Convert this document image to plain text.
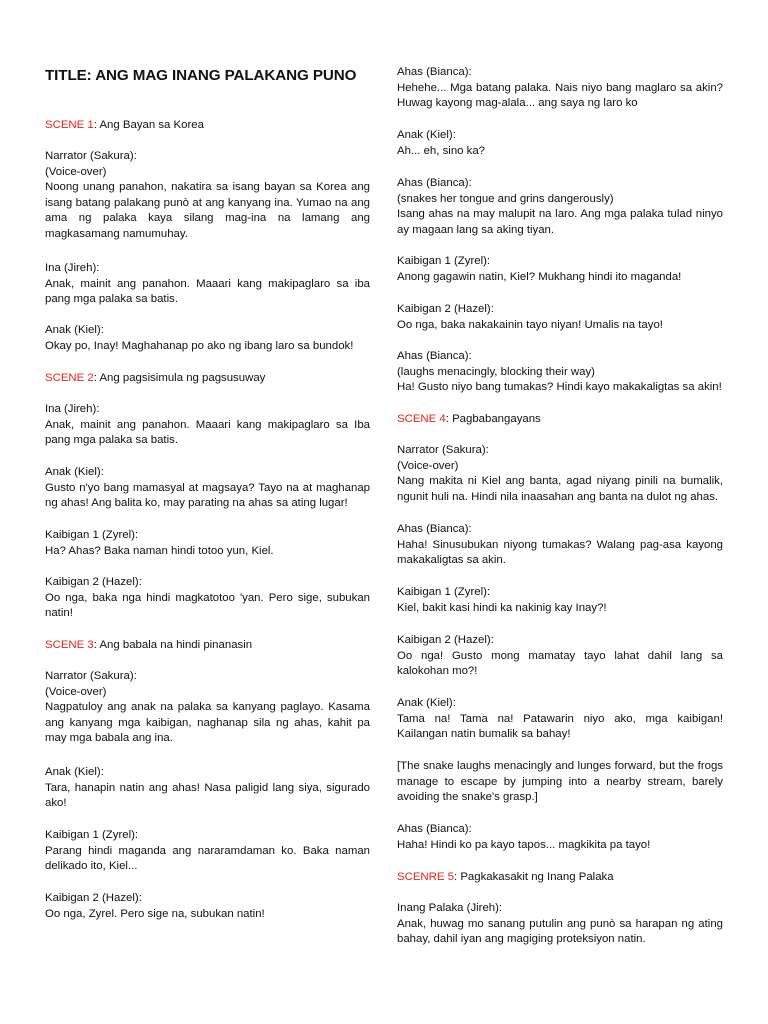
TITLE: ANG MAG INANG PALAKANG PUNO
SCENE 1: Ang Bayan sa Korea
Narrator (Sakura):
(Voice-over)
Noong unang panahon, nakatira sa isang bayan sa Korea ang isang batang palakang punò at ang kanyang ina. Yumao na ang ama ng palaka kaya silang mag-ina na lamang ang magkasamang namumuhay.
Ina (Jireh):
Anak, mainit ang panahon. Maaari kang makipaglaro sa iba pang mga palaka sa batis.
Anak (Kiel):
Okay po, Inay! Maghahanap po ako ng ibang laro sa bundok!
SCENE 2: Ang pagsisimula ng pagsusuway
Ina (Jireh):
Anak, mainit ang panahon. Maaari kang makipaglaro sa Iba pang mga palaka sa batis.
Anak (Kiel):
Gusto n'yo bang mamasyal at magsaya? Tayo na at maghanap ng ahas! Ang balita ko, may parating na ahas sa ating lugar!
Kaibigan 1 (Zyrel):
Ha? Ahas? Baka naman hindi totoo yun, Kiel.
Kaibigan 2 (Hazel):
Oo nga, baka nga hindi magkatotoo 'yan. Pero sige, subukan natin!
SCENE 3: Ang babala na hindi pinanasin
Narrator (Sakura):
(Voice-over)
Nagpatuloy ang anak na palaka sa kanyang paglayo. Kasama ang kanyang mga kaibigan, naghanap sila ng ahas, kahit pa may mga babala ang ina.
Anak (Kiel):
Tara, hanapin natin ang ahas! Nasa paligid lang siya, sigurado ako!
Kaibigan 1 (Zyrel):
Parang hindi maganda ang nararamdaman ko. Baka naman delikado ito, Kiel...
Kaibigan 2 (Hazel):
Oo nga, Zyrel. Pero sige na, subukan natin!
Ahas (Bianca):
Hehehe... Mga batang palaka. Nais niyo bang maglaro sa akin? Huwag kayong mag-alala... ang saya ng laro ko
Anak (Kiel):
Ah... eh, sino ka?
Ahas (Bianca):
(snakes her tongue and grins dangerously)
Isang ahas na may malupit na laro. Ang mga palaka tulad ninyo ay magaan lang sa aking tiyan.
Kaibigan 1 (Zyrel):
Anong gagawin natin, Kiel? Mukhang hindi ito maganda!
Kaibigan 2 (Hazel):
Oo nga, baka nakakainin tayo niyan! Umalis na tayo!
Ahas (Bianca):
(laughs menacingly, blocking their way)
Ha! Gusto niyo bang tumakas? Hindi kayo makakaligtas sa akin!
SCENE 4: Pagbabangayans
Narrator (Sakura):
(Voice-over)
Nang makita ni Kiel ang banta, agad niyang pinili na bumalik, ngunit huli na. Hindi nila inaasahan ang banta na dulot ng ahas.
Ahas (Bianca):
Haha! Sinusubukan niyong tumakas? Walang pag-asa kayong makakaligtas sa akin.
Kaibigan 1 (Zyrel):
Kiel, bakit kasi hindi ka nakinig kay Inay?!
Kaibigan 2 (Hazel):
Oo nga! Gusto mong mamatay tayo lahat dahil lang sa kalokohan mo?!
Anak (Kiel):
Tama na! Tama na! Patawarin niyo ako, mga kaibigan! Kailangan natin bumalik sa bahay!
[The snake laughs menacingly and lunges forward, but the frogs manage to escape by jumping into a nearby stream, barely avoiding the snake's grasp.]
Ahas (Bianca):
Haha! Hindi ko pa kayo tapos... magkikita pa tayo!
SCENRE 5: Pagkakasakit ng Inang Palaka
Inang Palaka (Jireh):
Anak, huwag mo sanang putulin ang punò sa harapan ng ating bahay, dahil iyan ang magiging proteksiyon natin.
